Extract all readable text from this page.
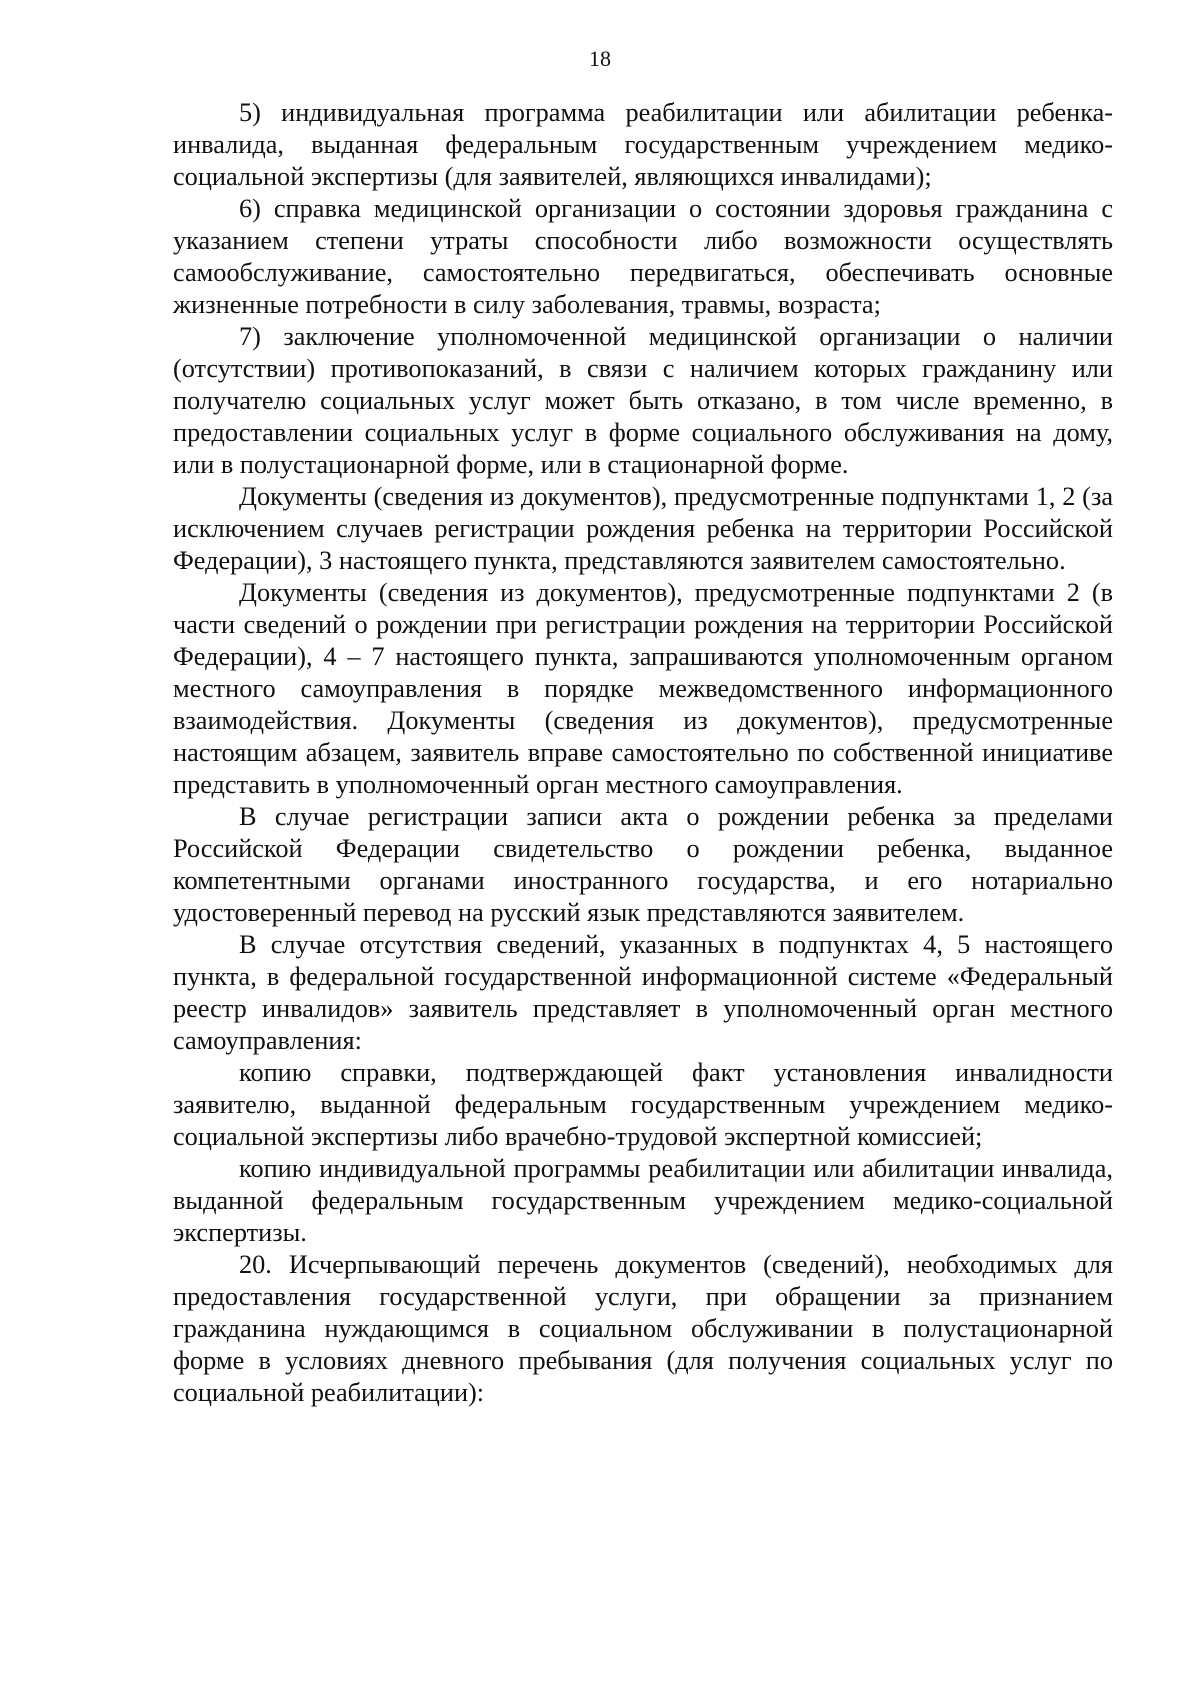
18

5) индивидуальная программа реабилитации или абилитации ребенка-инвалида, выданная федеральным государственным учреждением медико-социальной экспертизы (для заявителей, являющихся инвалидами);

6) справка медицинской организации о состоянии здоровья гражданина с указанием степени утраты способности либо возможности осуществлять самообслуживание, самостоятельно передвигаться, обеспечивать основные жизненные потребности в силу заболевания, травмы, возраста;

7) заключение уполномоченной медицинской организации о наличии (отсутствии) противопоказаний, в связи с наличием которых гражданину или получателю социальных услуг может быть отказано, в том числе временно, в предоставлении социальных услуг в форме социального обслуживания на дому, или в полустационарной форме, или в стационарной форме.

Документы (сведения из документов), предусмотренные подпунктами 1, 2 (за исключением случаев регистрации рождения ребенка на территории Российской Федерации), 3 настоящего пункта, представляются заявителем самостоятельно.

Документы (сведения из документов), предусмотренные подпунктами 2 (в части сведений о рождении при регистрации рождения на территории Российской Федерации), 4 – 7 настоящего пункта, запрашиваются уполномоченным органом местного самоуправления в порядке межведомственного информационного взаимодействия. Документы (сведения из документов), предусмотренные настоящим абзацем, заявитель вправе самостоятельно по собственной инициативе представить в уполномоченный орган местного самоуправления.

В случае регистрации записи акта о рождении ребенка за пределами Российской Федерации свидетельство о рождении ребенка, выданное компетентными органами иностранного государства, и его нотариально удостоверенный перевод на русский язык представляются заявителем.

В случае отсутствия сведений, указанных в подпунктах 4, 5 настоящего пункта, в федеральной государственной информационной системе «Федеральный реестр инвалидов» заявитель представляет в уполномоченный орган местного самоуправления:

копию справки, подтверждающей факт установления инвалидности заявителю, выданной федеральным государственным учреждением медико-социальной экспертизы либо врачебно-трудовой экспертной комиссией;

копию индивидуальной программы реабилитации или абилитации инвалида, выданной федеральным государственным учреждением медико-социальной экспертизы.

20. Исчерпывающий перечень документов (сведений), необходимых для предоставления государственной услуги, при обращении за признанием гражданина нуждающимся в социальном обслуживании в полустационарной форме в условиях дневного пребывания (для получения социальных услуг по социальной реабилитации):
